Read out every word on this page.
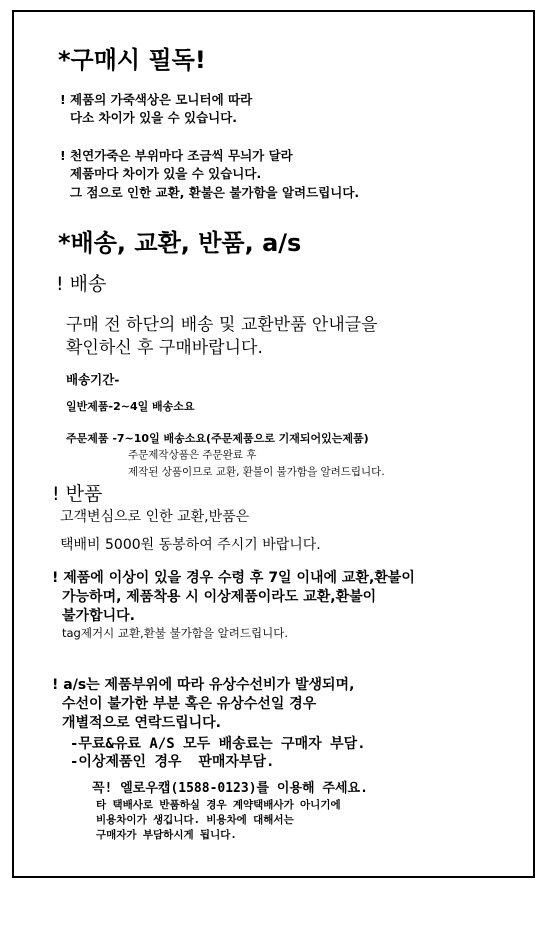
*구매시 필독!
! 제품의 가죽색상은 모니터에 따라
다소 차이가 있을 수 있습니다.
! 천연가죽은 부위마다 조금씩 무늬가 달라
제품마다 차이가 있을 수 있습니다.
그 점으로 인한 교환, 환불은 불가함을 알려드립니다.
*배송, 교환, 반품, a/s
! 배송
구매 전 하단의 배송 및 교환반품 안내글을
확인하신 후 구매바랍니다.
배송기간-
일반제품-2~4일 배송소요
주문제품 -7~10일 배송소요(주문제품으로 기재되어있는제품)
주문제작상품은 주문완료 후
제작된 상품이므로 교환, 환불이 불가함을 알려드립니다.
! 반품
고객변심으로 인한 교환,반품은
택배비 5000원 동봉하여 주시기 바랍니다.
! 제품에 이상이 있을 경우 수령 후 7일 이내에 교환,환불이
가능하며, 제품착용 시 이상제품이라도 교환,환불이
불가합니다.
tag제거시 교환,환불 불가함을 알려드립니다.
! a/s는 제품부위에 따라 유상수선비가 발생되며,
수선이 불가한 부분 혹은 유상수선일 경우
개별적으로 연락드립니다.
-무료&유료 A/S 모두 배송료는 구매자 부담.
-이상제품인 경우  판매자부담.
꼭! 엘로우캡(1588-0123)를 이용해 주세요.
타 택배사로 반품하실 경우 계약택배사가 아니기에
비용차이가 생깁니다. 비용차에 대해서는
구매자가 부담하시게 됩니다.
